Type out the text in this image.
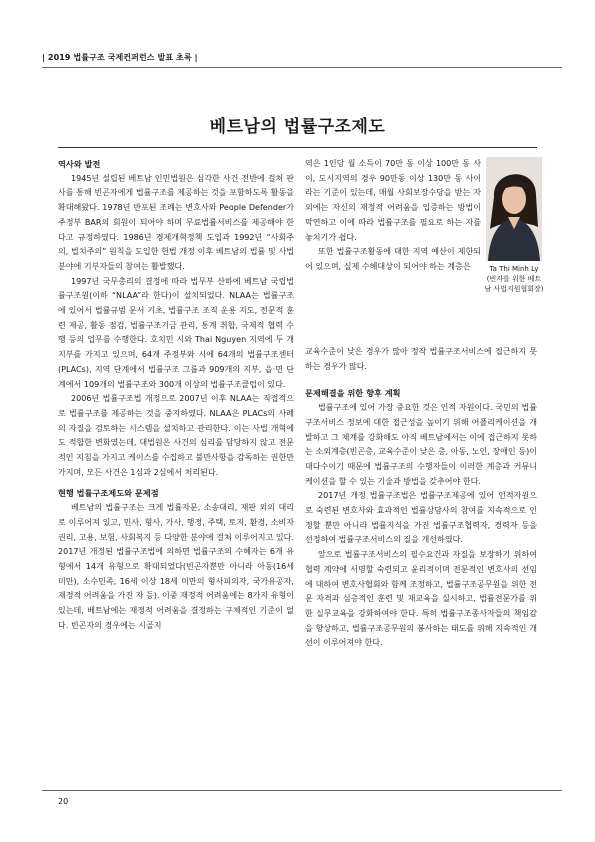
| 2019 법률구조 국제컨퍼런스 발표 초록 |
베트남의 법률구조제도
역사와 발전

1945년 설립된 베트남 인민법원은 심각한 사건 전반에 걸쳐 판사를 통해 빈곤자에게 법률구조를 제공하는 것을 포함하도록 활동을 확대해왔다. 1978년 반포된 조례는 변호사와 People Defender가 주정부 BAR의 회원이 되어야 하며 무료법률서비스를 제공해야 한다고 규정하였다. 1986년 경제개혁정책 도입과 1992년 “사회주의, 법치주의” 원칙을 도입한 헌법 개정 이후 베트남의 법률 및 사법 분야에 기부자들의 참여는 활발했다.

1997년 국무총리의 결정에 따라 법무부 산하에 베트남 국립법률구조원(이하 “NLAA”라 한다)이 설치되었다. NLAA는 법률구조에 있어서 법률규범 문서 기초, 법률구조 조직 운용 지도, 전문적 훈련 제공, 활동 점검, 법률구조기금 관리, 통계 취합, 국제적 협력 수행 등의 업무를 수행한다. 호치민 시와 Thai Nguyen 지역에 두 개 지부를 가지고 있으며, 64개 주정부와 시에 64개의 법률구조센터(PLACs), 지역 단계에서 법률구조 그룹과 909개의 지부, 읍·면 단계에서 109개의 법률구조와 300개 이상의 법률구조클럽이 있다.

2006년 법률구조법 개정으로 2007년 이후 NLAA는 직접적으로 법률구조를 제공하는 것을 중지하였다. NLAA은 PLACs의 사례의 자질을 검토하는 시스템을 설치하고 관리한다. 이는 사법 개혁에도 적합한 변화였는데, 대법원은 사건의 심리를 담당하지 않고 전문적인 지침을 가지고 케이스를 수집하고 불만사항을 감독하는 권한만 가지며, 모든 사건은 1심과 2심에서 처리된다.

현행 법률구조제도와 문제점

베트남의 법률구조는 크게 법률자문, 소송대리, 재판 외의 대리로 이루어져 있고, 민사, 형사, 가사, 행정, 주택, 토지, 환경, 소비자권리, 고용, 보험, 사회복지 등 다양한 분야에 걸쳐 이루어지고 있다. 2017년 개정된 법률구조법에 의하면 법률구조의 수혜자는 6개 유형에서 14개 유형으로 확대되었다(빈곤자뿐만 아니라 아동(16세 미만), 소수민족, 16세 이상 18세 미만의 형사피의자, 국가유공자, 재정적 어려움을 가진 자 등). 이중 재정적 어려움에는 8가지 유형이 있는데, 베트남에는 재정적 어려움을 결정하는 구체적인 기준이 없다. 빈곤자의 경우에는 시골지

역은 1인당 월 소득이 70만 동 이상 100만 동 사이, 도시지역의 경우 90만동 이상 130만 동 사이라는 기준이 있는데, 매월 사회보장수당을 받는 자 외에는 자신의 재정적 어려움을 입증하는 방법이 막연하고 이에 따라 법률구조를 필요로 하는 자를 놓치기가 쉽다.

또한 법률구조활동에 대한 지역 예산이 제한되어 있으며, 실제 수혜대상이 되어야 하는 계층은	Ta Thi Minh Ly
(빈자를 위한 베트남 사법지원협회장)

교육수준이 낮은 경우가 많아 정작 법률구조서비스에 접근하지 못하는 경우가 많다.

문제해결을 위한 향후 계획

법률구조에 있어 가장 중요한 것은 인적 자원이다. 국민의 법률구조서비스 정보에 대한 접근성을 높이기 위해 어플리케이션을 개발하고 그 체계를 강화해도 아직 베트남에서는 이에 접근하지 못하는 소외계층(빈곤층, 교육수준이 낮은 층, 아동, 노인, 장애인 등)이 대다수이기 때문에 법률구조의 수행자들이 이러한 계층과 커뮤니케이션을 할 수 있는 기술과 방법을 갖추어야 한다.

2017년 개정 법률구조법은 법률구조제공에 있어 인적자원으로 숙련된 변호사와 효과적인 법률상담사의 참여를 지속적으로 인정할 뿐만 아니라 법률지식을 가진 법률구조협력자, 경력자 등을 선정하여 법률구조서비스의 질을 개선하였다.

앞으로 법률구조서비스의 필수요건과 자질을 보장하기 위하여 협력 계약에 서명할 숙련되고 윤리적이며 전문적인 변호사의 선임에 대하여 변호사협회와 함께 조정하고, 법률구조공무원을 위한 전문 자격과 심층적인 훈련 및 재교육을 실시하고, 법률전문가를 위한 실무교육을 강화하여야 한다. 특히 법률구조종사자들의 책임감을 향상하고, 법률구조공무원의 봉사하는 태도를 위해 지속적인 개선이 이루어져야 한다.

20
